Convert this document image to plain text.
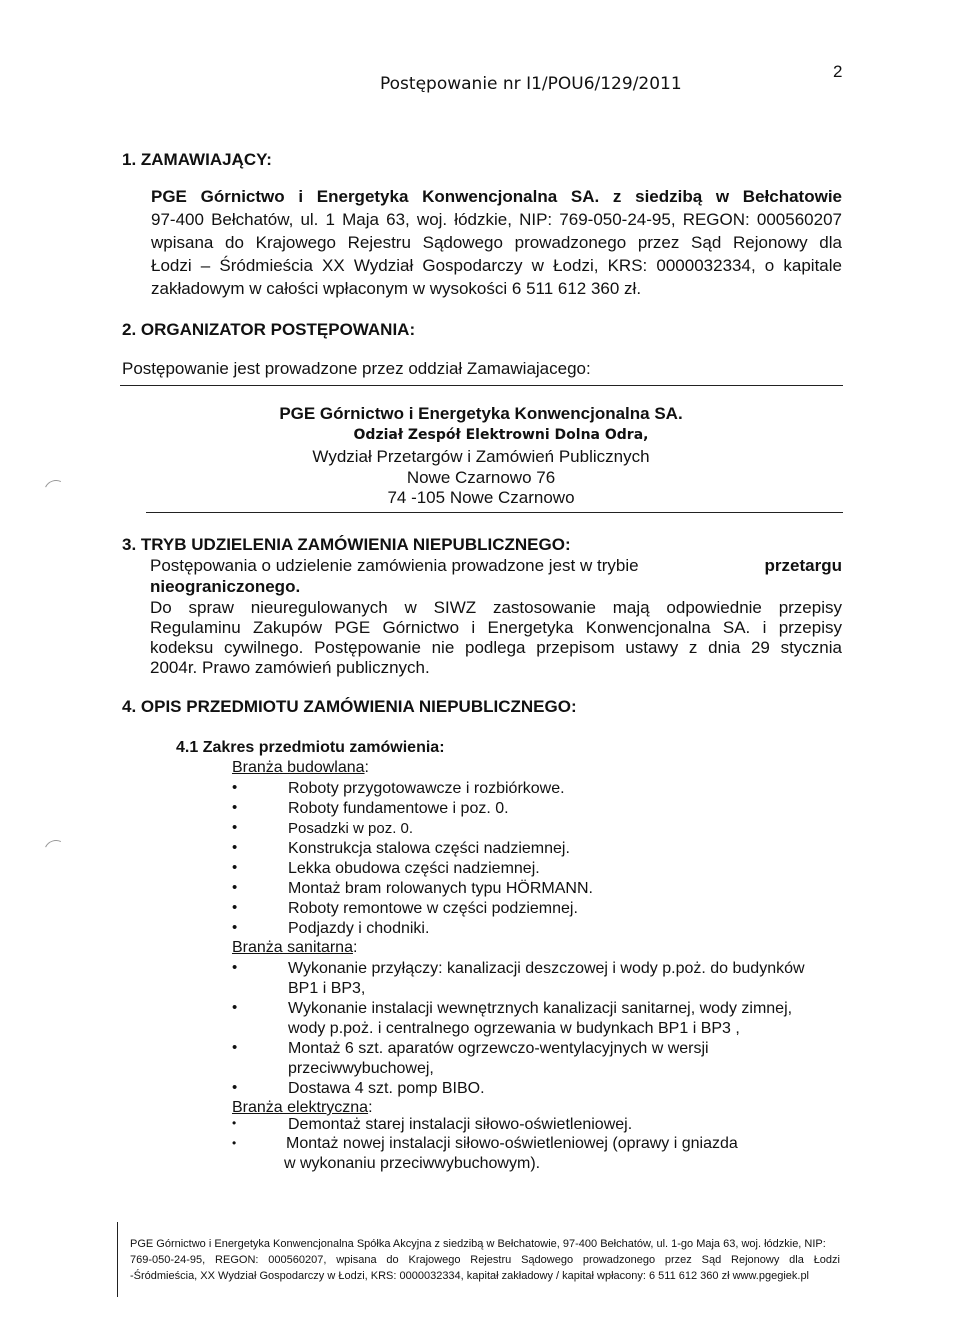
Postępowanie nr I1/POU6/129/2011
2
1. ZAMAWIAJĄCY:
PGE Górnictwo i Energetyka Konwencjonalna SA. z siedzibą w Bełchatowie
97-400 Bełchatów, ul. 1 Maja 63, woj. łódzkie, NIP: 769-050-24-95, REGON: 000560207
wpisana do Krajowego Rejestru Sądowego prowadzonego przez Sąd Rejonowy dla
Łodzi – Śródmieścia XX Wydział Gospodarczy w Łodzi, KRS: 0000032334, o kapitale
zakładowym w całości wpłaconym w wysokości 6 511 612 360 zł.
2. ORGANIZATOR POSTĘPOWANIA:
Postępowanie jest prowadzone przez oddział Zamawiajacego:
PGE Górnictwo i Energetyka Konwencjonalna SA.
Odział Zespół Elektrowni Dolna Odra,
Wydział Przetargów i Zamówień Publicznych
Nowe Czarnowo 76
74 -105 Nowe Czarnowo
3. TRYB UDZIELENIA ZAMÓWIENIA NIEPUBLICZNEGO:
Postępowania o udzielenie zamówienia prowadzone jest w trybie	przetargu
nieograniczonego.
Do spraw nieuregulowanych w SIWZ zastosowanie mają odpowiednie przepisy
Regulaminu Zakupów PGE Górnictwo i Energetyka Konwencjonalna SA. i przepisy
kodeksu cywilnego. Postępowanie nie podlega przepisom ustawy z dnia 29 stycznia
2004r. Prawo zamówień publicznych.
4. OPIS PRZEDMIOTU ZAMÓWIENIA NIEPUBLICZNEGO:
4.1 Zakres przedmiotu zamówienia:
Branża budowlana:
•	Roboty przygotowawcze i rozbiórkowe.
•	Roboty fundamentowe i poz. 0.
•	Posadzki w poz. 0.
•	Konstrukcja stalowa części nadziemnej.
•	Lekka obudowa części nadziemnej.
•	Montaż bram rolowanych typu HÖRMANN.
•	Roboty remontowe w części podziemnej.
•	Podjazdy i chodniki.
Branża sanitarna:
•	Wykonanie przyłączy: kanalizacji deszczowej i wody p.poż. do budynków
BP1 i BP3,
•	Wykonanie instalacji wewnętrznych kanalizacji sanitarnej, wody zimnej,
wody p.poż. i centralnego ogrzewania w budynkach BP1 i BP3 ,
•	Montaż 6 szt. aparatów ogrzewczo-wentylacyjnych w wersji
przeciwwybuchowej,
•	Dostawa 4 szt. pomp BIBO.
Branża elektryczna:
•	Demontaż starej instalacji siłowo-oświetleniowej.
•	Montaż nowej instalacji siłowo-oświetleniowej (oprawy i gniazda
w wykonaniu przeciwwybuchowym).
PGE Górnictwo i Energetyka Konwencjonalna Spółka Akcyjna z siedzibą w Bełchatowie, 97-400 Bełchatów, ul. 1-go Maja 63, woj. łódzkie, NIP:
769-050-24-95, REGON: 000560207, wpisana do Krajowego Rejestru Sądowego prowadzonego przez Sąd Rejonowy dla Łodzi
-Śródmieścia, XX Wydział Gospodarczy w Łodzi, KRS: 0000032334, kapitał zakładowy / kapitał wpłacony: 6 511 612 360 zł www.pgegiek.pl
